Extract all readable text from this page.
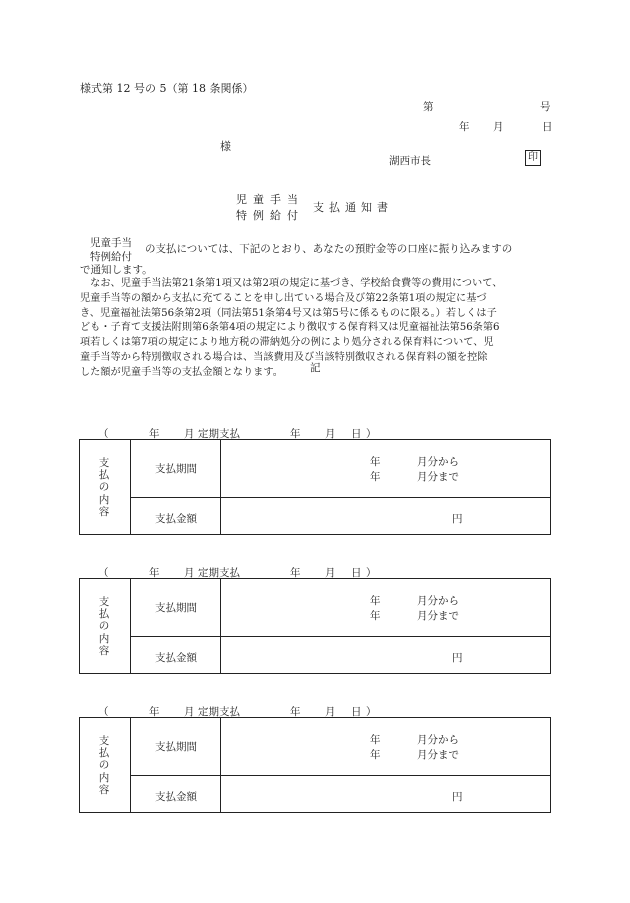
様式第 12 号の 5（第 18 条関係）
第	号
年 月	日
様
湖西市長	印
児童手当
特例給付
支払通知書
児童手当
特例給付
の支払については、下記のとおり、あなたの預貯金等の口座に振り込みますの
で通知します。
　なお、児童手当法第21条第1項又は第2項の規定に基づき、学校給食費等の費用について、
児童手当等の額から支払に充てることを申し出ている場合及び第22条第1項の規定に基づ
き、児童福祉法第56条第2項（同法第51条第4号又は第5号に係るものに限る。）若しくは子
ども・子育て支援法附則第6条第4項の規定により徴収する保育料又は児童福祉法第56条第6
項若しくは第7項の規定により地方税の滞納処分の例により処分される保育料について、児
童手当等から特別徴収される場合は、当該費用及び当該特別徴収される保育料の額を控除
した額が児童手当等の支払金額となります。	記
（	年 月 定期支払	年 月 日 ）
支払の内容
支払期間
年	月分から
年	月分まで
支払金額	円
（	年 月 定期支払	年 月 日 ）
支払の内容
支払期間
年	月分から
年	月分まで
支払金額	円
（	年 月 定期支払	年 月 日 ）
支払の内容
支払期間
年	月分から
年	月分まで
支払金額	円
